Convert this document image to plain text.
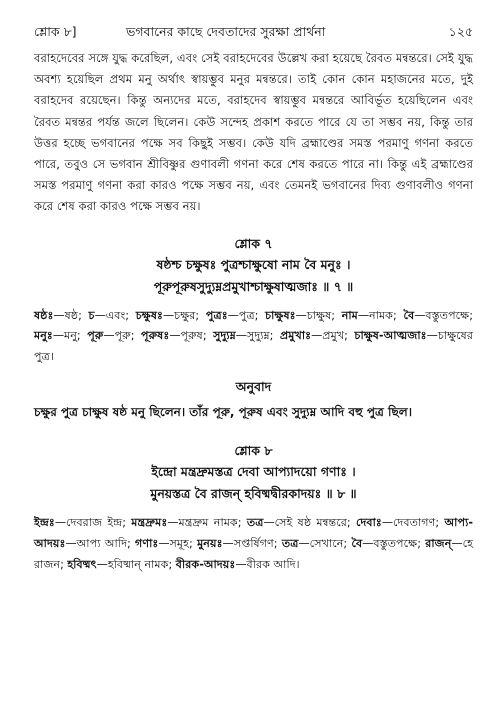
শ্লোক ৮]	ভগবানের কাছে দেবতাদের সুরক্ষা প্রার্থনা	১২৫

বরাহদেবের সঙ্গে যুদ্ধ করেছিল, এবং সেই বরাহদেবের উল্লেখ করা হয়েছে রৈবত মন্বন্তরে। সেই যুদ্ধ অবশ্য হয়েছিল প্রথম মনু অর্থাৎ স্বায়ম্ভুব মনুর মন্বন্তরে। তাই কোন কোন মহাজনের মতে, দুই বরাহদেব রয়েছেন। কিন্তু অন্যদের মতে, বরাহদেব স্বায়ম্ভুব মন্বন্তরে আবির্ভূত হয়েছিলেন এবং রৈবত মন্বন্তর পর্যন্ত জলে ছিলেন। কেউ সন্দেহ প্রকাশ করতে পারে যে তা সম্ভব নয়, কিন্তু তার উত্তর হচ্ছে ভগবানের পক্ষে সব কিছুই সম্ভব। কেউ যদি ব্রহ্মাণ্ডের সমস্ত পরমাণু গণনা করতে পারে, তবুও সে ভগবান শ্রীবিষ্ণুর গুণাবলী গণনা করে শেষ করতে পারে না। কিন্তু এই ব্রহ্মাণ্ডের সমস্ত পরমাণু গণনা করা কারও পক্ষে সম্ভব নয়, এবং তেমনই ভগবানের দিব্য গুণাবলীও গণনা করে শেষ করা কারও পক্ষে সম্ভব নয়।

শ্লোক ৭
ষষ্ঠশ্চ চক্ষুষঃ পুত্রশ্চাক্ষুষো নাম বৈ মনুঃ ।
পূরুপূরুষসুদ্যুম্নপ্রমুখাশ্চাক্ষুষাত্মজাঃ ॥ ৭ ॥
ষষ্ঠঃ—ষষ্ঠ; চ—এবং; চক্ষুষঃ—চক্ষুর; পুত্রঃ—পুত্র; চাক্ষুষঃ—চাক্ষুষ; নাম—নামক; বৈ—বস্তুতপক্ষে; মনুঃ—মনু; পূরু—পূরু; পূরুষঃ—পূরুষ; সুদ্যুম্ন—সুদ্যুম্ন; প্রমুখাঃ—প্রমুখ; চাক্ষুষ-আত্মজাঃ—চাক্ষুষের পুত্র।
অনুবাদ
চক্ষুর পুত্র চাক্ষুষ ষষ্ঠ মনু ছিলেন। তাঁর পূরু, পূরুষ এবং সুদ্যুম্ন আদি বহু পুত্র ছিল।
শ্লোক ৮
ইন্দ্রো মন্ত্রদ্রুমস্তত্র দেবা আপ্যাদয়ো গণাঃ ।
মুনয়স্তত্র বৈ রাজন্ হবিষ্মদ্বীরকাদয়ঃ ॥ ৮ ॥
ইন্দ্রঃ—দেবরাজ ইন্দ্র; মন্ত্রদ্রুমঃ—মন্ত্রদ্রুম নামক; তত্র—সেই ষষ্ঠ মন্বন্তরে; দেবাঃ—দেবতাগণ; আপ্য-আদয়ঃ—আপ্য আদি; গণাঃ—সমূহ; মুনয়ঃ—সপ্তর্ষিগণ; তত্র—সেখানে; বৈ—বস্তুতপক্ষে; রাজন্—হে রাজন; হবিষ্মৎ—হবিষ্মান্ নামক; বীরক-আদয়ঃ—বীরক আদি।
